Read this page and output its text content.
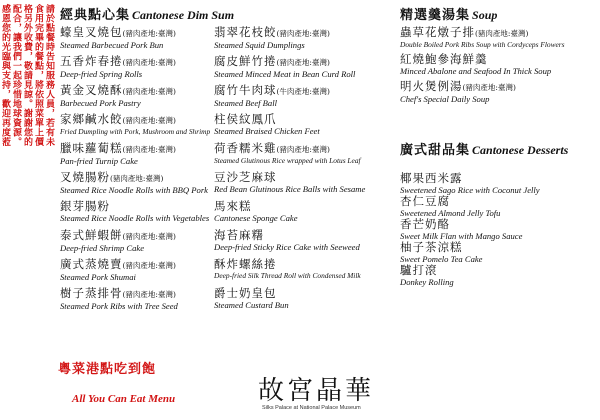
請於點餐時告知服務人員，若有未食用完畢的餐點，將依照菜單上價格另外收費，敬請見諒。謝謝您的配合，讓我們一起珍惜地球資源。感恩您的光臨與支持，歡迎再度蒞
經典點心集 Cantonese Dim Sum
蠔皇叉燒包(豬肉產地:臺灣)
Steamed Barbecued Pork Bun
五香炸春捲(豬肉產地:臺灣)
Deep-fried Spring Rolls
黃金叉燒酥(豬肉產地:臺灣)
Barbecued Pork Pastry
家鄉鹹水餃(豬肉產地:臺灣)
Fried Dumpling with Pork, Mushroom and Shrimp
臘味蘿蔔糕(豬肉產地:臺灣)
Pan-fried Turnip Cake
叉燒腸粉(豬肉產地:臺灣)
Steamed Rice Noodle Rolls with BBQ Pork
銀芽腸粉
Steamed Rice Noodle Rolls with Vegetables
泰式鮮蝦餅(豬肉產地:臺灣)
Deep-fried Shrimp Cake
廣式蒸燒賣(豬肉產地:臺灣)
Steamed Pork Shumai
樹子蒸排骨(豬肉產地:臺灣)
Steamed Pork Ribs with Tree Seed
翡翠花枝餃(豬肉產地:臺灣)
Steamed Squid Dumplings
腐皮鮮竹捲(豬肉產地:臺灣)
Steamed Minced Meat in Bean Curd Roll
腐竹牛肉球(牛肉產地:臺灣)
Steamed Beef Ball
柱侯紋鳳爪
Steamed Braised Chicken Feet
荷香糯米雞(豬肉產地:臺灣)
Steamed Glutinous Rice wrapped with Lotus Leaf
豆沙芝麻球
Red Bean Glutinous Rice Balls with Sesame
馬來糕
Cantonese Sponge Cake
海苔麻糬
Deep-fried Sticky Rice Cake with Seeweed
酥炸螺絲捲
Deep-fried Silk Thread Roll with Condensed Milk
爵士奶皇包
Steamed Custard Bun
精選羹湯集 Soup
蟲草花燉子排(豬肉產地:臺灣)
Double Boiled Pork Ribs Soup with Cordyceps Flowers
紅燒鮑參海鮮羹
Minced Abalone and Seafood In Thick Soup
明火煲例湯(豬肉產地:臺灣)
Chef's Special Daily Soup
廣式甜品集 Cantonese Desserts
椰果西米露
Sweetened Sago Rice with Coconut Jelly
杏仁豆腐
Sweetened Almond Jelly Tofu
香芒奶酪
Sweet Milk Flan with Mango Sauce
柚子茶涼糕
Sweet Pomelo Tea Cake
驢打滾
Donkey Rolling
粵菜港點吃到飽
All You Can Eat Menu	故宮晶華
Silks Palace at National Palace Museum
